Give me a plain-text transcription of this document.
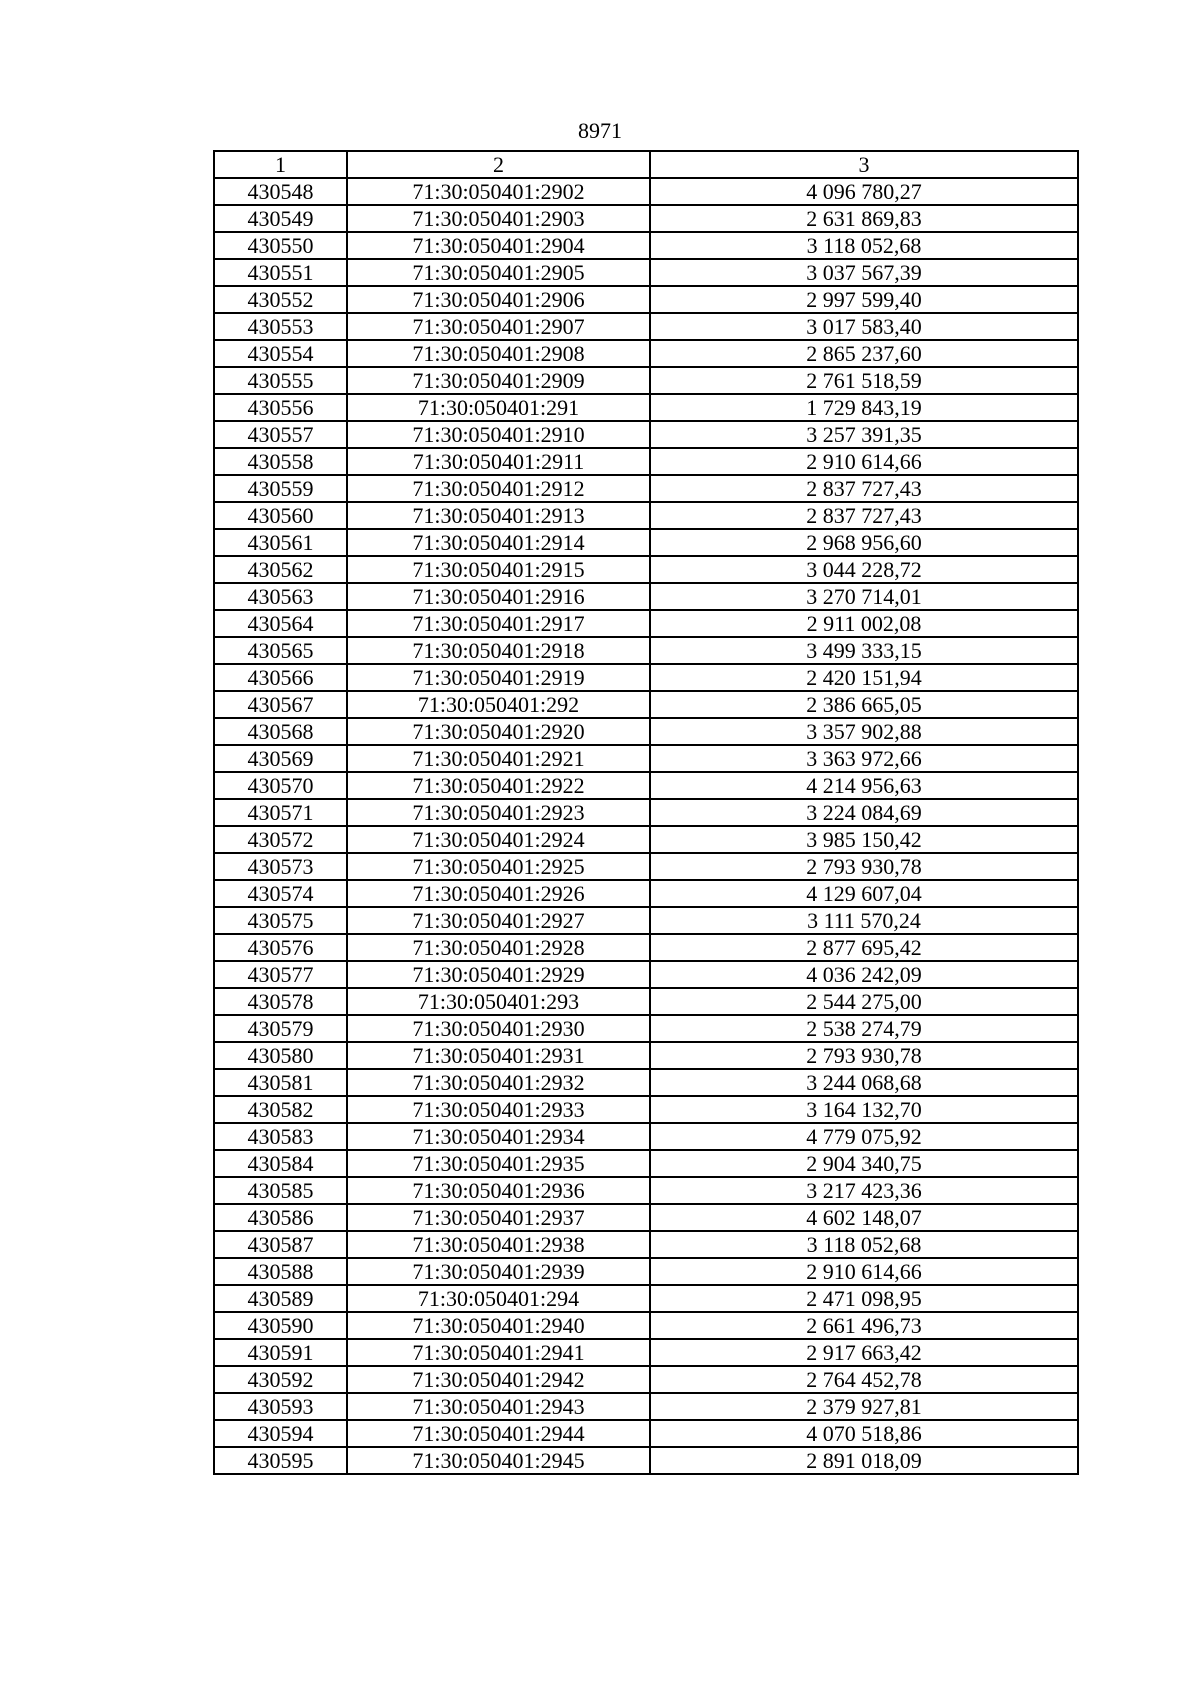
8971
1	2	3
430548	71:30:050401:2902	4 096 780,27
430549	71:30:050401:2903	2 631 869,83
430550	71:30:050401:2904	3 118 052,68
430551	71:30:050401:2905	3 037 567,39
430552	71:30:050401:2906	2 997 599,40
430553	71:30:050401:2907	3 017 583,40
430554	71:30:050401:2908	2 865 237,60
430555	71:30:050401:2909	2 761 518,59
430556	71:30:050401:291	1 729 843,19
430557	71:30:050401:2910	3 257 391,35
430558	71:30:050401:2911	2 910 614,66
430559	71:30:050401:2912	2 837 727,43
430560	71:30:050401:2913	2 837 727,43
430561	71:30:050401:2914	2 968 956,60
430562	71:30:050401:2915	3 044 228,72
430563	71:30:050401:2916	3 270 714,01
430564	71:30:050401:2917	2 911 002,08
430565	71:30:050401:2918	3 499 333,15
430566	71:30:050401:2919	2 420 151,94
430567	71:30:050401:292	2 386 665,05
430568	71:30:050401:2920	3 357 902,88
430569	71:30:050401:2921	3 363 972,66
430570	71:30:050401:2922	4 214 956,63
430571	71:30:050401:2923	3 224 084,69
430572	71:30:050401:2924	3 985 150,42
430573	71:30:050401:2925	2 793 930,78
430574	71:30:050401:2926	4 129 607,04
430575	71:30:050401:2927	3 111 570,24
430576	71:30:050401:2928	2 877 695,42
430577	71:30:050401:2929	4 036 242,09
430578	71:30:050401:293	2 544 275,00
430579	71:30:050401:2930	2 538 274,79
430580	71:30:050401:2931	2 793 930,78
430581	71:30:050401:2932	3 244 068,68
430582	71:30:050401:2933	3 164 132,70
430583	71:30:050401:2934	4 779 075,92
430584	71:30:050401:2935	2 904 340,75
430585	71:30:050401:2936	3 217 423,36
430586	71:30:050401:2937	4 602 148,07
430587	71:30:050401:2938	3 118 052,68
430588	71:30:050401:2939	2 910 614,66
430589	71:30:050401:294	2 471 098,95
430590	71:30:050401:2940	2 661 496,73
430591	71:30:050401:2941	2 917 663,42
430592	71:30:050401:2942	2 764 452,78
430593	71:30:050401:2943	2 379 927,81
430594	71:30:050401:2944	4 070 518,86
430595	71:30:050401:2945	2 891 018,09
